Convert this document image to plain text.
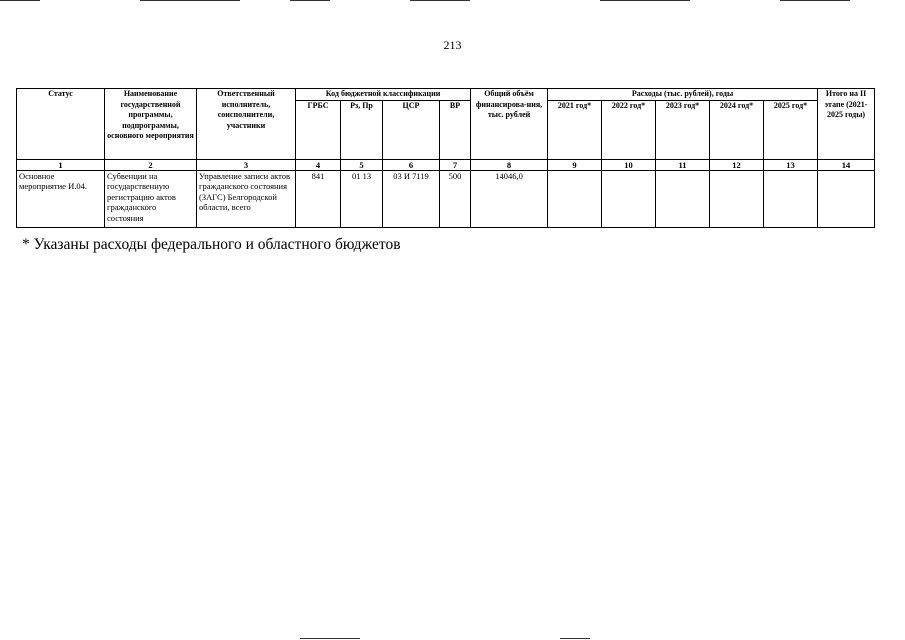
213
Статус	Наименование государственной программы, подпрограммы, основного мероприятия	Ответственный исполнитель, соисполнители, участники	Код бюджетной классификации				Общий объём финансирова-ния, тыс. рублей	Расходы (тыс. рублей), годы					Итого на II этапе (2021-2025 годы)
			ГРБС	Рз, Пр	ЦСР	ВР		2021 год*	2022 год*	2023 год*	2024 год*	2025 год*	
1	2	3	4	5	6	7	8	9	10	11	12	13	14
Основное мероприятие И.04.	Субвенции на государственную регистрацию актов гражданского состояния	Управление записи актов гражданского состояния (ЗАГС) Белгородской области, всего	841	01 13	03 И 7119	500	14046,0						
* Указаны расходы федерального и областного бюджетов
